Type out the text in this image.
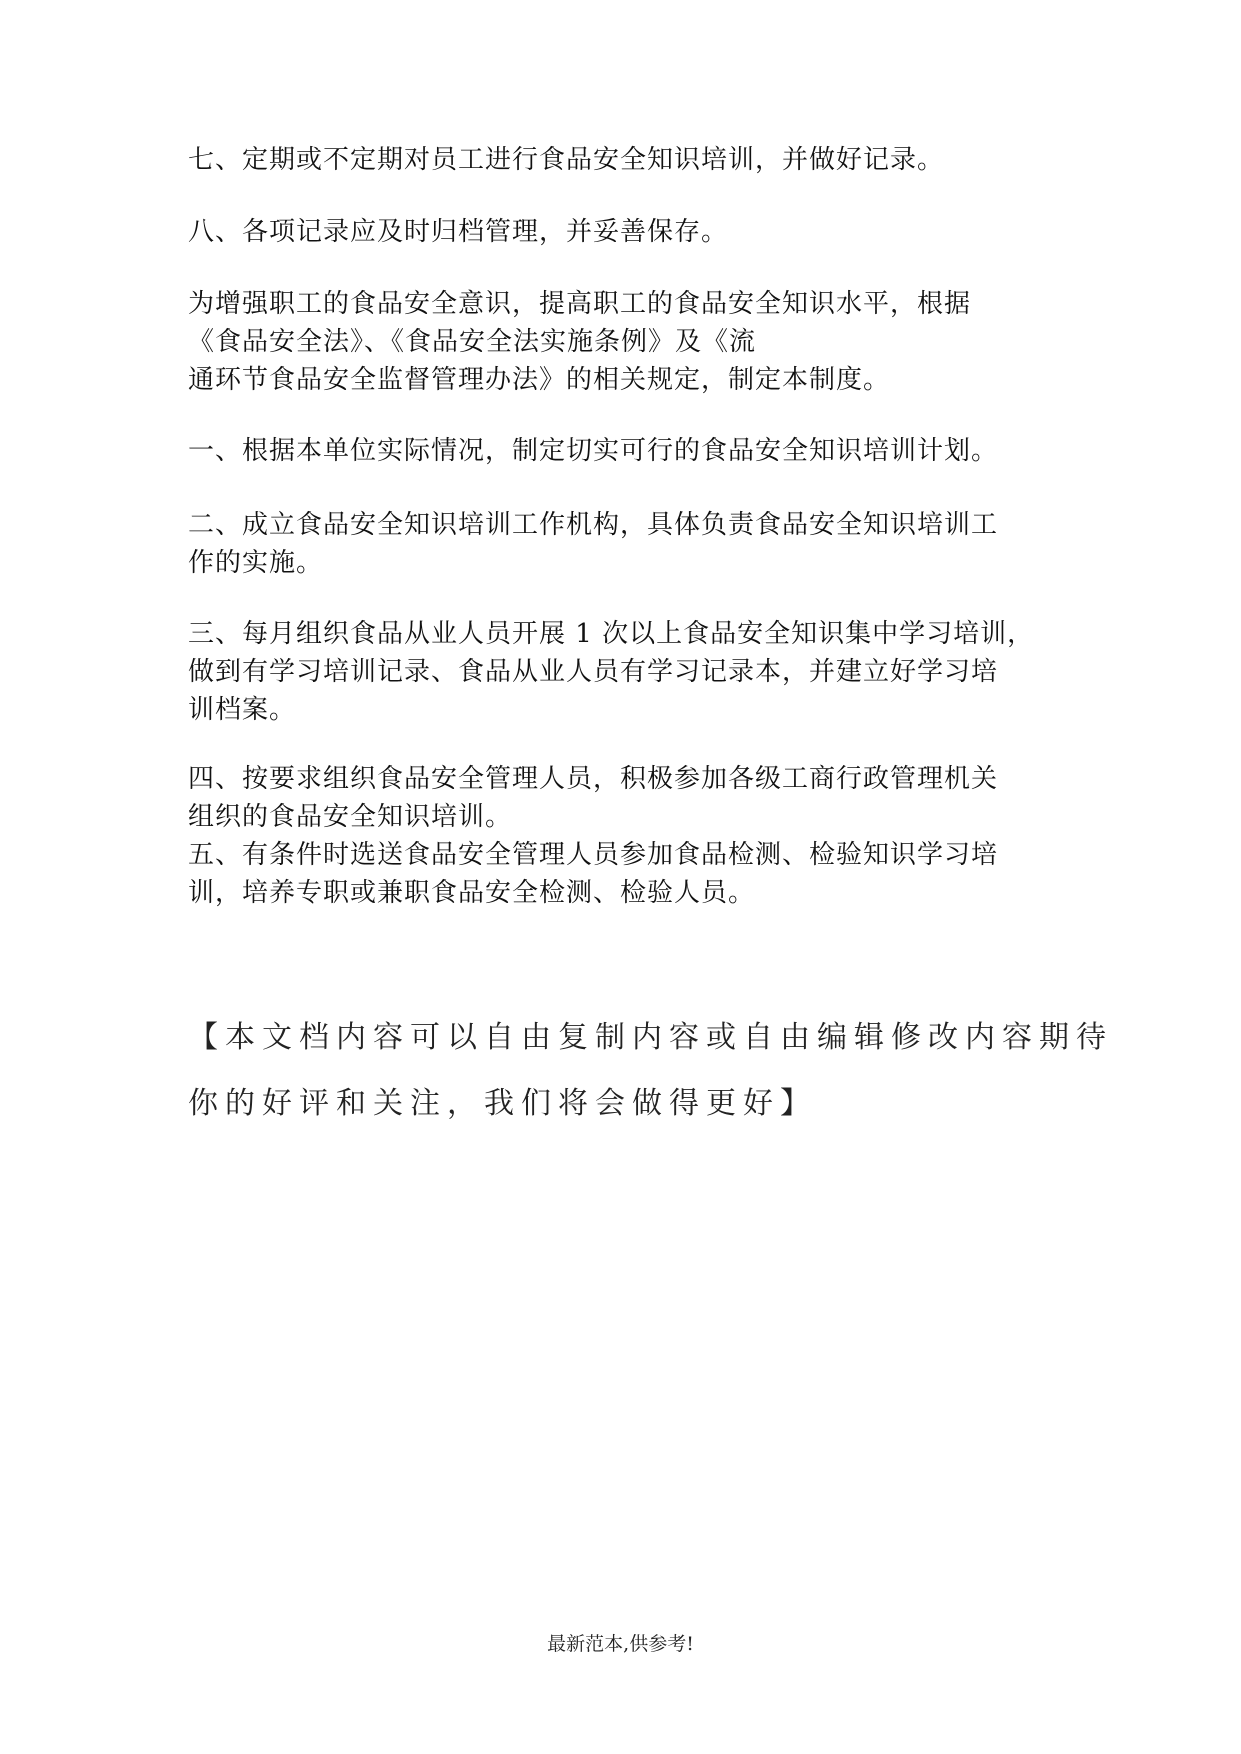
七、定期或不定期对员工进行食品安全知识培训，并做好记录。

八、各项记录应及时归档管理，并妥善保存。

为增强职工的食品安全意识，提高职工的食品安全知识水平，根据
《食品安全法》、《食品安全法实施条例》及《流
通环节食品安全监督管理办法》的相关规定，制定本制度。

一、根据本单位实际情况，制定切实可行的食品安全知识培训计划。

二、成立食品安全知识培训工作机构，具体负责食品安全知识培训工
作的实施。

三、每月组织食品从业人员开展 1 次以上食品安全知识集中学习培训，
做到有学习培训记录、食品从业人员有学习记录本，并建立好学习培
训档案。

四、按要求组织食品安全管理人员，积极参加各级工商行政管理机关
组织的食品安全知识培训。
五、有条件时选送食品安全管理人员参加食品检测、检验知识学习培
训，培养专职或兼职食品安全检测、检验人员。

【本文档内容可以自由复制内容或自由编辑修改内容期待
你的好评和关注，我们将会做得更好】

最新范本,供参考!
